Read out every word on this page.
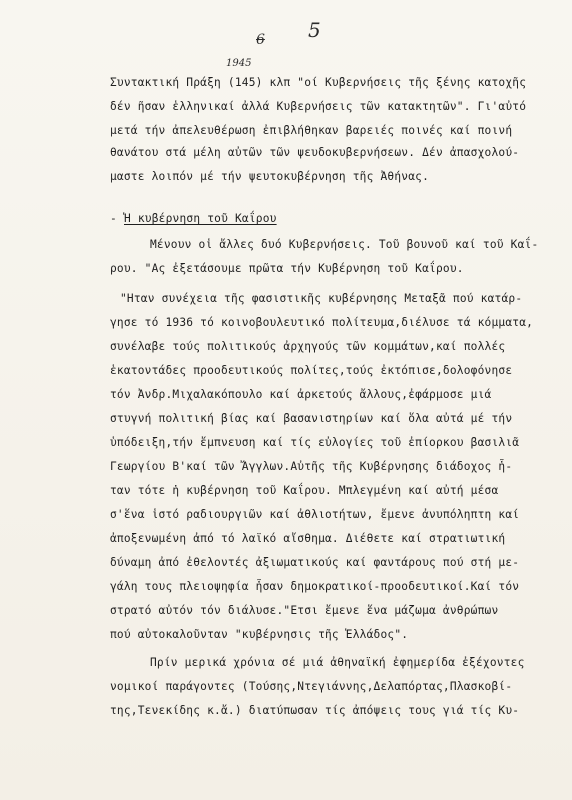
6 5
1945
Συντακτική Πράξη (145) κλπ "οί Κυβερνήσεις τῆς ξένης κατοχῆς
δέν ῆσαν ἑλληνικαί ἀλλά Κυβερνήσεις τῶν κατακτητῶν". Γι'αὐτό
μετά τήν ἀπελευθέρωση ἐπιβλήθηκαν βαρειές ποινές καί ποινή
θανάτου στά μέλη αὐτῶν τῶν ψευδοκυβερνήσεων. Δέν ἀπασχολού-
μαστε λοιπόν μέ τήν ψευτοκυβέρνηση τῆς Ἀθήνας.
- Ἡ κυβέρνηση τοῦ Καΐρου
Μένουν οἱ ἄλλες δυό Κυβερνήσεις. Τοῦ βουνοῦ καί τοῦ Καΐ-
ρου. "Ας ἐξετάσουμε πρῶτα τήν Κυβέρνηση τοῦ Καΐρου.
"Ηταν συνέχεια τῆς φασιστικῆς κυβέρνησης Μεταξᾶ πού κατάρ-
γησε τό 1936 τό κοινοβουλευτικό πολίτευμα,διέλυσε τά κόμματα,
συνέλαβε τούς πολιτικούς ἀρχηγούς τῶν κομμάτων,καί πολλές
ἑκατοντάδες προοδευτικούς πολίτες,τούς ἐκτόπισε,δολοφόνησε
τόν Ἀνδρ.Μιχαλακόπουλο καί ἀρκετούς ἄλλους,ἐφάρμοσε μιά
στυγνή πολιτική βίας καί βασανιστηρίων καί ὅλα αὐτά μέ τήν
ὑπόδειξη,τήν ἔμπνευση καί τίς εὐλογίες τοῦ ἐπίορκου βασιλιᾶ
Γεωργίου Β'καί τῶν Ἄγγλων.Αὐτῆς τῆς Κυβέρνησης διάδοχος ἦ-
ταν τότε ἡ κυβέρνηση τοῦ Καΐρου. Μπλεγμένη καί αὐτή μέσα
σ'ἕνα ἱστό ραδιουργιῶν καί ἀθλιοτήτων, ἔμενε ἀνυπόληπτη καί
ἀποξενωμένη ἀπό τό λαϊκό αἴσθημα. Διέθετε καί στρατιωτική
δύναμη ἀπό ἐθελοντές ἀξιωματικούς καί φαντάρους πού στή με-
γάλη τους πλειοψηφία ἦσαν δημοκρατικοί-προοδευτικοί.Καί τόν
στρατό αὐτόν τόν διάλυσε."Ετσι ἔμενε ἕνα μάζωμα ἀνθρώπων
πού αὐτοκαλοῦνταν "κυβέρνησις τῆς Ἑλλάδος".
Πρίν μερικά χρόνια σέ μιά ἀθηναϊκή ἐφημερίδα ἐξέχοντες
νομικοί παράγοντες (Τούσης,Ντεγιάννης,Δελαπόρτας,Πλασκοβί-
της,Τενεκίδης κ.ἄ.) διατύπωσαν τίς ἀπόψεις τους γιά τίς Κυ-
